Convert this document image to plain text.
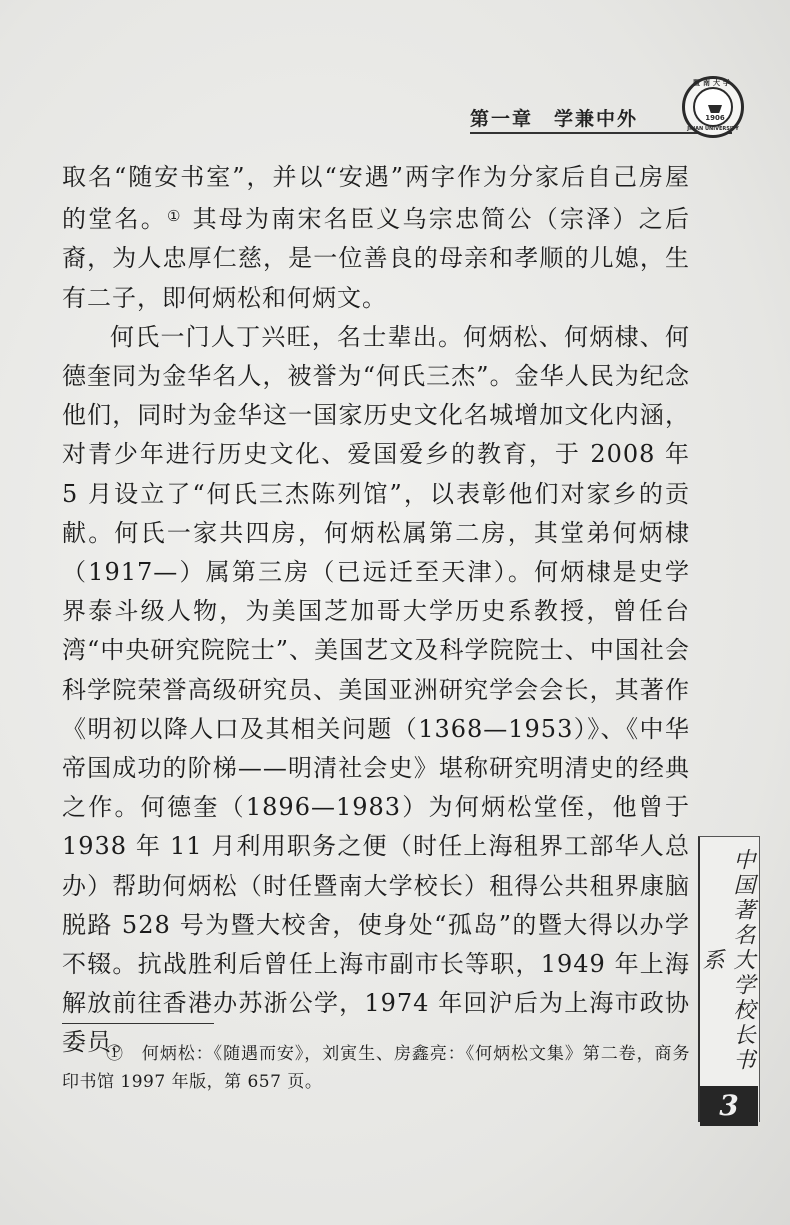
第一章　学兼中外
暨南大学
1906
JINAN UNIVERSITY

取名“随安书室”，并以“安遇”两字作为分家后自己房屋的堂名。① 其母为南宋名臣义乌宗忠简公（宗泽）之后裔，为人忠厚仁慈，是一位善良的母亲和孝顺的儿媳，生有二子，即何炳松和何炳文。

何氏一门人丁兴旺，名士辈出。何炳松、何炳棣、何德奎同为金华名人，被誉为“何氏三杰”。金华人民为纪念他们，同时为金华这一国家历史文化名城增加文化内涵，对青少年进行历史文化、爱国爱乡的教育，于 2008 年 5 月设立了“何氏三杰陈列馆”，以表彰他们对家乡的贡献。何氏一家共四房，何炳松属第二房，其堂弟何炳棣（1917—）属第三房（已远迁至天津）。何炳棣是史学界泰斗级人物，为美国芝加哥大学历史系教授，曾任台湾“中央研究院院士”、美国艺文及科学院院士、中国社会科学院荣誉高级研究员、美国亚洲研究学会会长，其著作《明初以降人口及其相关问题（1368—1953）》、《中华帝国成功的阶梯——明清社会史》堪称研究明清史的经典之作。何德奎（1896—1983）为何炳松堂侄，他曾于 1938 年 11 月利用职务之便（时任上海租界工部华人总办）帮助何炳松（时任暨南大学校长）租得公共租界康脑脱路 528 号为暨大校舍，使身处“孤岛”的暨大得以办学不辍。抗战胜利后曾任上海市副市长等职，1949 年上海解放前往香港办苏浙公学，1974 年回沪后为上海市政协委员。

①　何炳松：《随遇而安》，刘寅生、房鑫亮：《何炳松文集》第二卷，商务印书馆 1997 年版，第 657 页。

中国著名大学校长书系
3
